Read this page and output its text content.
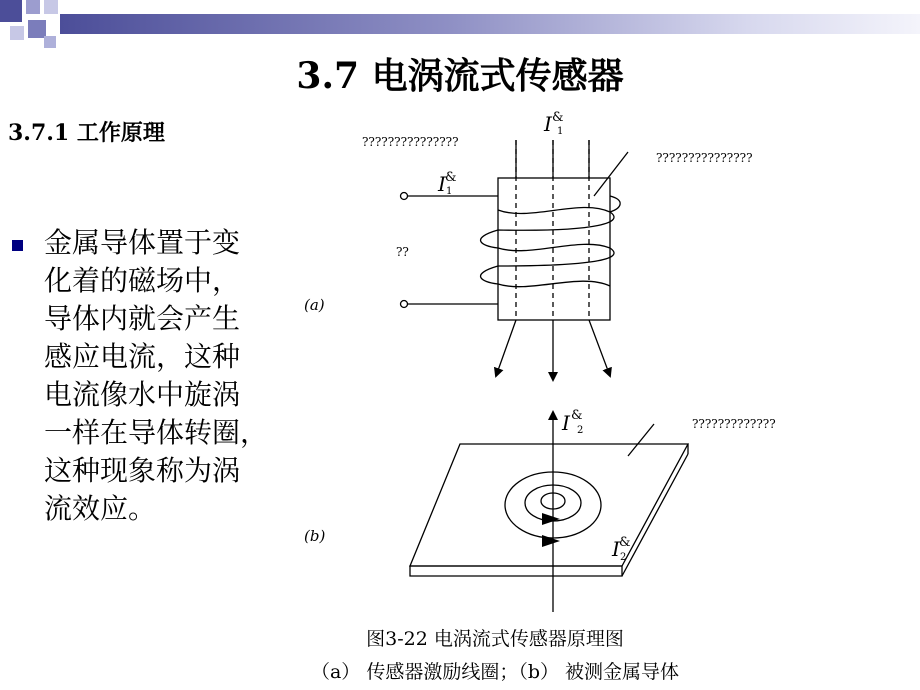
3.7 电涡流式传感器
3.7.1 工作原理
金属导体置于变
化着的磁场中，
导体内就会产生
感应电流，这种
电流像水中旋涡
一样在导体转圈，
这种现象称为涡
流效应。
???????????????
???????????????
??
?????????????
(a)
(b)
I &
1
I &
1
I &
2
I &
2
图3-22 电涡流式传感器原理图
（a） 传感器激励线圈；（b） 被测金属导体
